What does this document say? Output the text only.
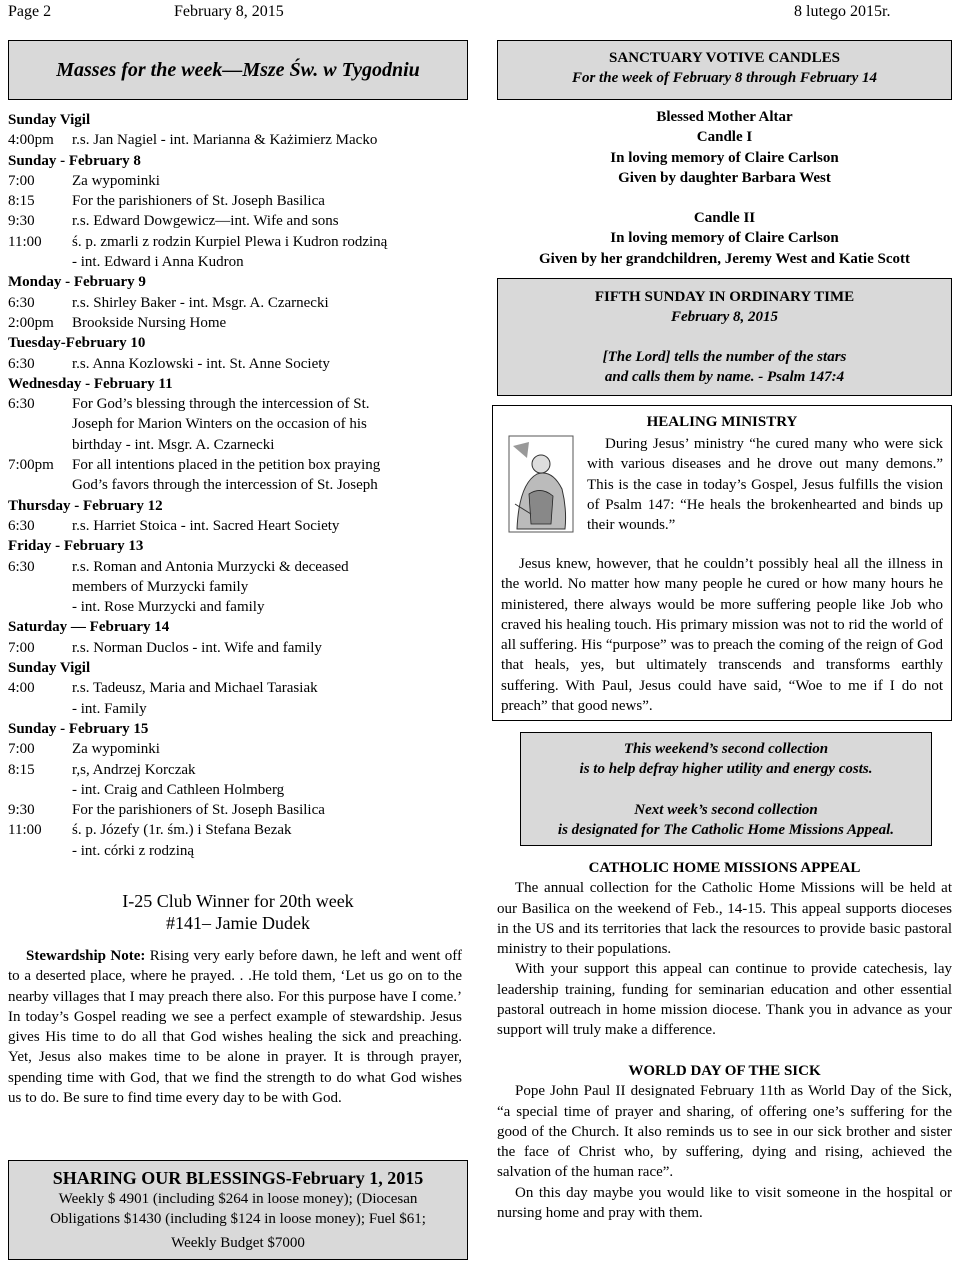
Page 2	February 8, 2015	8 lutego 2015r.
Masses for the week—Msze Św. w Tygodniu
Sunday Vigil
4:00pm	r.s. Jan Nagiel - int. Marianna & Każimierz Macko
Sunday - February 8
7:00	Za wypominki
8:15	For the parishioners of St. Joseph Basilica
9:30	r.s. Edward Dowgewicz—int. Wife and sons
11:00	ś. p. zmarli z rodzin Kurpiel Plewa i Kudron rodziną
- int. Edward i Anna Kudron
Monday - February 9
6:30	r.s. Shirley Baker - int. Msgr. A. Czarnecki
2:00pm	Brookside Nursing Home
Tuesday-February 10
6:30	r.s. Anna Kozlowski - int. St. Anne Society
Wednesday - February 11
6:30	For God’s blessing through the intercession of St.
Joseph for Marion Winters on the occasion of his
birthday - int. Msgr. A. Czarnecki
7:00pm	For all intentions placed in the petition box praying
God’s favors through the intercession of St. Joseph
Thursday - February 12
6:30	r.s. Harriet Stoica - int. Sacred Heart Society
Friday - February 13
6:30	r.s. Roman and Antonia Murzycki & deceased
members of Murzycki family
- int. Rose Murzycki and family
Saturday — February 14
7:00	r.s. Norman Duclos - int. Wife and family
Sunday Vigil
4:00	r.s. Tadeusz, Maria and Michael Tarasiak
- int. Family
Sunday - February 15
7:00	Za wypominki
8:15	r,s, Andrzej Korczak
- int. Craig and Cathleen Holmberg
9:30	For the parishioners of St. Joseph Basilica
11:00	ś. p. Józefy (1r. śm.) i Stefana Bezak
- int. córki z rodziną
I-25 Club Winner for 20th week
#141– Jamie Dudek
Stewardship Note: Rising very early before dawn, he left and went off to a deserted place, where he prayed. . .He told them, ‘Let us go on to the nearby villages that I may preach there also. For this purpose have I come.’ In today’s Gospel reading we see a perfect example of stewardship. Jesus gives His time to do all that God wishes healing the sick and preaching. Yet, Jesus also makes time to be alone in prayer. It is through prayer, spending time with God, that we find the strength to do what God wishes us to do. Be sure to find time every day to be with God.
SHARING OUR BLESSINGS-February 1, 2015
Weekly $ 4901 (including $264 in loose money); (Diocesan
Obligations $1430 (including $124 in loose money); Fuel $61;
Weekly Budget $7000
SANCTUARY VOTIVE CANDLES
For the week of February 8 through February 14
Blessed Mother Altar
Candle I
In loving memory of Claire Carlson
Given by daughter Barbara West
Candle II
In loving memory of Claire Carlson
Given by her grandchildren, Jeremy West and Katie Scott
FIFTH SUNDAY IN ORDINARY TIME
February 8, 2015
[The Lord] tells the number of the stars
and calls them by name. - Psalm 147:4
HEALING MINISTRY

During Jesus’ ministry “he cured many who were sick with various diseases and he drove out many demons.” This is the case in today’s Gospel, Jesus fulfills the vision of Psalm 147: “He heals the brokenhearted and binds up their wounds.”

Jesus knew, however, that he couldn’t possibly heal all the illness in the world. No matter how many people he cured or how many hours he ministered, there always would be more suffering people like Job who craved his healing touch. His primary mission was not to rid the world of all suffering. His “purpose” was to preach the coming of the reign of God that heals, yes, but ultimately transcends and transforms earthly suffering. With Paul, Jesus could have said, “Woe to me if I do not preach” that good news”.

This weekend’s second collection
is to help defray higher utility and energy costs.
Next week’s second collection
is designated for The Catholic Home Missions Appeal.
CATHOLIC HOME MISSIONS APPEAL

The annual collection for the Catholic Home Missions will be held at our Basilica on the weekend of Feb., 14-15. This appeal supports dioceses in the US and its territories that lack the resources to provide basic pastoral ministry to their populations.

With your support this appeal can continue to provide catechesis, lay leadership training, funding for seminarian education and other essential pastoral outreach in home mission diocese. Thank you in advance as your support will truly make a difference.

WORLD DAY OF THE SICK

Pope John Paul II designated February 11th as World Day of the Sick, “a special time of prayer and sharing, of offering one’s suffering for the good of the Church. It also reminds us to see in our sick brother and sister the face of Christ who, by suffering, dying and rising, achieved the salvation of the human race”.

On this day maybe you would like to visit someone in the hospital or nursing home and pray with them.
